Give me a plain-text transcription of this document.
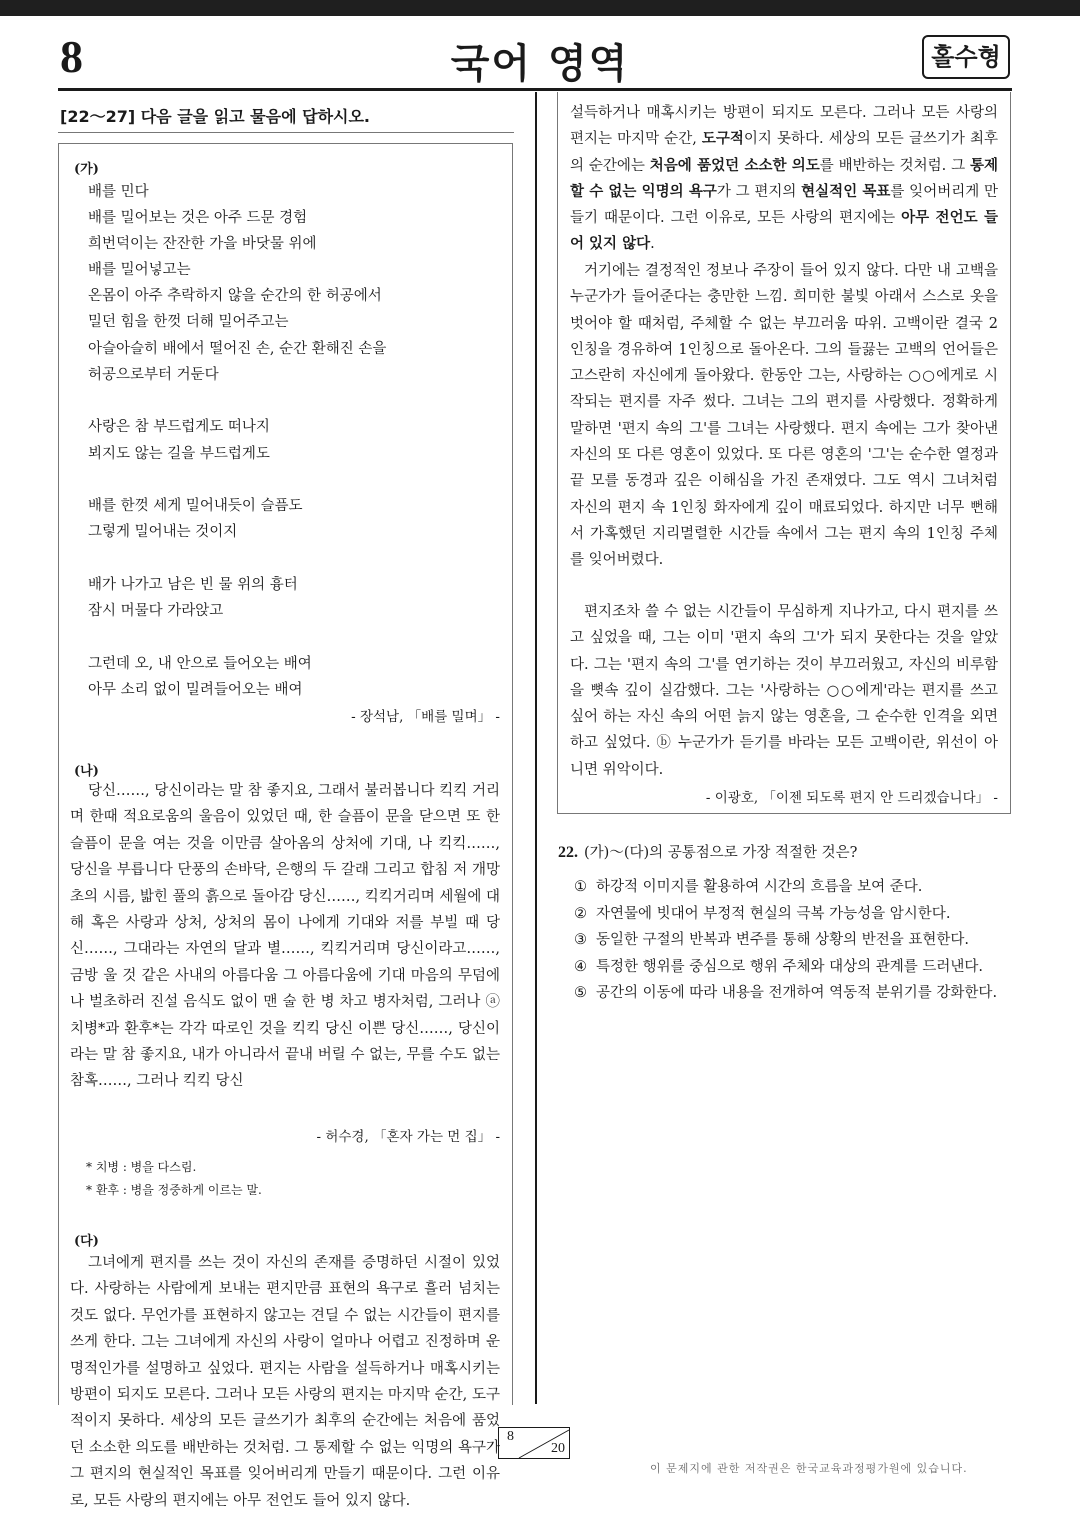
8	국어 영역	홀수형
[22～27] 다음 글을 읽고 물음에 답하시오.
(가)
배를 민다
배를 밀어보는 것은 아주 드문 경험
희번덕이는 잔잔한 가을 바닷물 위에
배를 밀어넣고는
온몸이 아주 추락하지 않을 순간의 한 허공에서
밀던 힘을 한껏 더해 밀어주고는
아슬아슬히 배에서 떨어진 손, 순간 환해진 손을
허공으로부터 거둔다
사랑은 참 부드럽게도 떠나지
뵈지도 않는 길을 부드럽게도
배를 한껏 세게 밀어내듯이 슬픔도
그렇게 밀어내는 것이지
배가 나가고 남은 빈 물 위의 흉터
잠시 머물다 가라앉고
그런데 오, 내 안으로 들어오는 배여
아무 소리 없이 밀려들어오는 배여
- 장석남, 「배를 밀며」 -
(나)

당신……, 당신이라는 말 참 좋지요, 그래서 불러봅니다 킥킥 거리며 한때 적요로움의 울음이 있었던 때, 한 슬픔이 문을 닫으면 또 한 슬픔이 문을 여는 것을 이만큼 살아옴의 상처에 기대, 나 킥킥……, 당신을 부릅니다 단풍의 손바닥, 은행의 두 갈래 그리고 합침 저 개망초의 시름, 밟힌 풀의 흙으로 돌아감 당신……, 킥킥거리며 세월에 대해 혹은 사랑과 상처, 상처의 몸이 나에게 기대와 저를 부빌 때 당신……, 그대라는 자연의 달과 별……, 킥킥거리며 당신이라고……, 금방 울 것 같은 사내의 아름다움 그 아름다움에 기대 마음의 무덤에 나 벌초하러 진설 음식도 없이 맨 술 한 병 차고 병자처럼, 그러나 ⓐ 치병*과 환후*는 각각 따로인 것을 킥킥 당신 이쁜 당신……, 당신이라는 말 참 좋지요, 내가 아니라서 끝내 버릴 수 없는, 무를 수도 없는 참혹……, 그러나 킥킥 당신

- 허수경, 「혼자 가는 먼 집」 -
* 치병 : 병을 다스림.
* 환후 : 병을 정중하게 이르는 말.
(다)

그녀에게 편지를 쓰는 것이 자신의 존재를 증명하던 시절이 있었다. 사랑하는 사람에게 보내는 편지만큼 표현의 욕구로 흘러 넘치는 것도 없다. 무언가를 표현하지 않고는 견딜 수 없는 시간들이 편지를 쓰게 한다. 그는 그녀에게 자신의 사랑이 얼마나 어렵고 진정하며 운명적인가를 설명하고 싶었다. 편지는 사람을 설득하거나 매혹시키는 방편이 되지도 모른다. 그러나 모든 사랑의 편지는 마지막 순간, 도구적이지 못하다. 세상의 모든 글쓰기가 최후의 순간에는 처음에 품었던 소소한 의도를 배반하는 것처럼. 그 통제할 수 없는 익명의 욕구가 그 편지의 현실적인 목표를 잊어버리게 만들기 때문이다. 그런 이유로, 모든 사랑의 편지에는 아무 전언도 들어 있지 않다.

설득하거나 매혹시키는 방편이 되지도 모른다. 그러나 모든 사랑의 편지는 마지막 순간, 도구적이지 못하다. 세상의 모든 글쓰기가 최후의 순간에는 처음에 품었던 소소한 의도를 배반하는 것처럼. 그 통제할 수 없는 익명의 욕구가 그 편지의 현실적인 목표를 잊어버리게 만들기 때문이다. 그런 이유로, 모든 사랑의 편지에는 아무 전언도 들어 있지 않다.

거기에는 결정적인 정보나 주장이 들어 있지 않다. 다만 내 고백을 누군가가 들어준다는 충만한 느낌. 희미한 불빛 아래서 스스로 옷을 벗어야 할 때처럼, 주체할 수 없는 부끄러움 따위. 고백이란 결국 2인칭을 경유하여 1인칭으로 돌아온다. 그의 들끓는 고백의 언어들은 고스란히 자신에게 돌아왔다. 한동안 그는, 사랑하는 ○○에게로 시작되는 편지를 자주 썼다. 그녀는 그의 편지를 사랑했다. 정확하게 말하면 '편지 속의 그'를 그녀는 사랑했다. 편지 속에는 그가 찾아낸 자신의 또 다른 영혼이 있었다. 또 다른 영혼의 '그'는 순수한 열정과 끝 모를 동경과 깊은 이해심을 가진 존재였다. 그도 역시 그녀처럼 자신의 편지 속 1인칭 화자에게 깊이 매료되었다. 하지만 너무 뻔해서 가혹했던 지리멸렬한 시간들 속에서 그는 편지 속의 1인칭 주체를 잊어버렸다.

편지조차 쓸 수 없는 시간들이 무심하게 지나가고, 다시 편지를 쓰고 싶었을 때, 그는 이미 '편지 속의 그'가 되지 못한다는 것을 알았다. 그는 '편지 속의 그'를 연기하는 것이 부끄러웠고, 자신의 비루함을 뼛속 깊이 실감했다. 그는 '사랑하는 ○○에게'라는 편지를 쓰고 싶어 하는 자신 속의 어떤 늙지 않는 영혼을, 그 순수한 인격을 외면하고 싶었다. ⓑ 누군가가 듣기를 바라는 모든 고백이란, 위선이 아니면 위악이다.

- 이광호, 「이젠 되도록 편지 안 드리겠습니다」 -
22. (가)～(다)의 공통점으로 가장 적절한 것은?
① 하강적 이미지를 활용하여 시간의 흐름을 보여 준다.
② 자연물에 빗대어 부정적 현실의 극복 가능성을 암시한다.
③ 동일한 구절의 반복과 변주를 통해 상황의 반전을 표현한다.
④ 특정한 행위를 중심으로 행위 주체와 대상의 관계를 드러낸다.
⑤ 공간의 이동에 따라 내용을 전개하여 역동적 분위기를 강화한다.
8
20
이 문제지에 관한 저작권은 한국교육과정평가원에 있습니다.
